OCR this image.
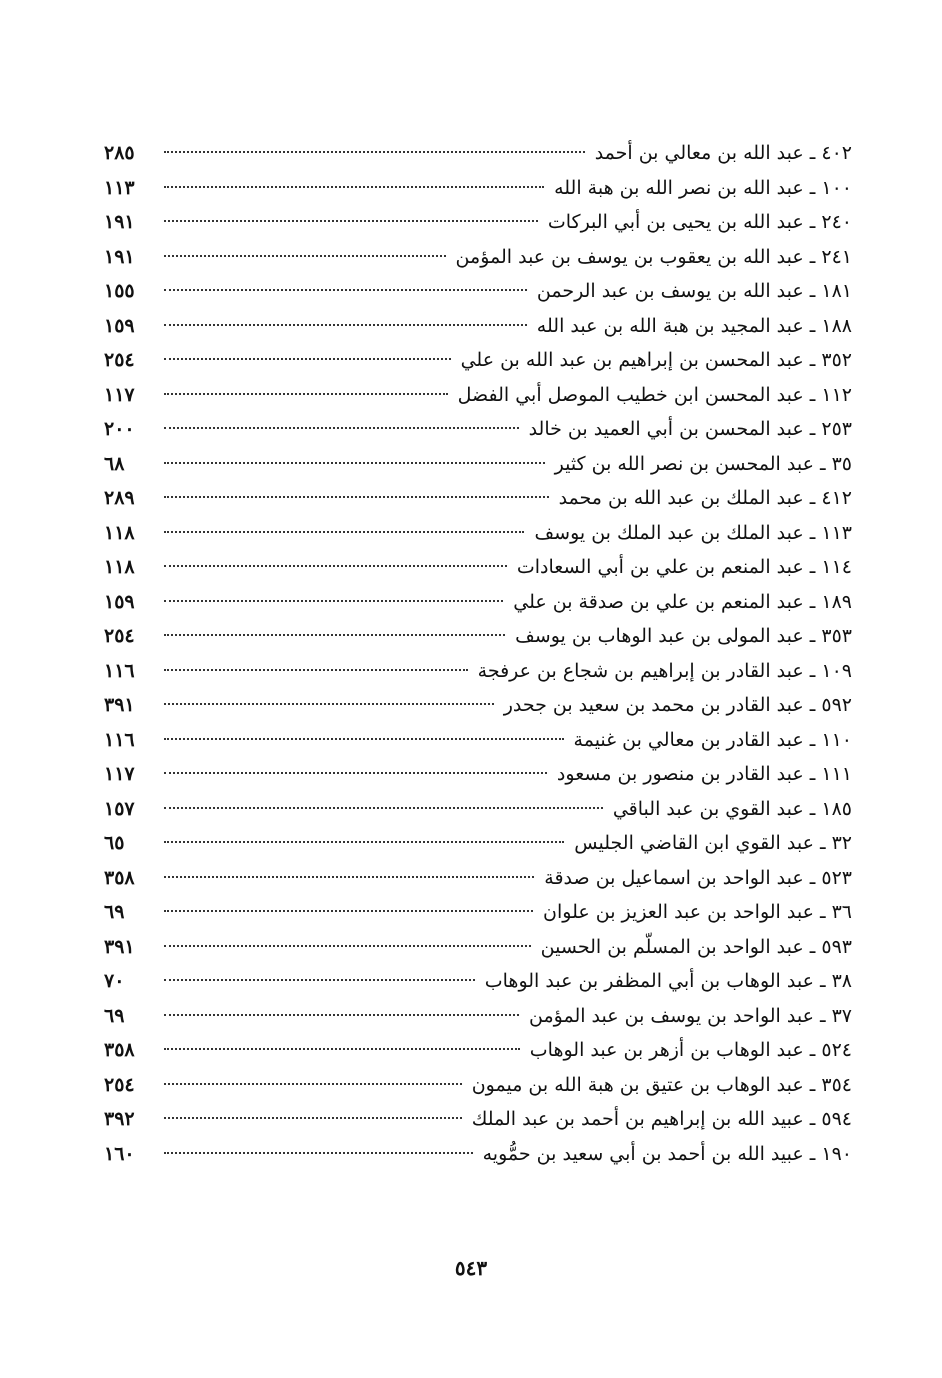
٤٠٢ ـ عبد الله بن معالي بن أحمد
٢٨٥
١٠٠ ـ عبد الله بن نصر الله بن هبة الله
١١٣
٢٤٠ ـ عبد الله بن يحيى بن أبي البركات
١٩١
٢٤١ ـ عبد الله بن يعقوب بن يوسف بن عبد المؤمن
١٩١
١٨١ ـ عبد الله بن يوسف بن عبد الرحمن
١٥٥
١٨٨ ـ عبد المجيد بن هبة الله بن عبد الله
١٥٩
٣٥٢ ـ عبد المحسن بن إبراهيم بن عبد الله بن علي
٢٥٤
١١٢ ـ عبد المحسن ابن خطيب الموصل أبي الفضل
١١٧
٢٥٣ ـ عبد المحسن بن أبي العميد بن خالد
٢٠٠
٣٥ ـ عبد المحسن بن نصر الله بن كثير
٦٨
٤١٢ ـ عبد الملك بن عبد الله بن محمد
٢٨٩
١١٣ ـ عبد الملك بن عبد الملك بن يوسف
١١٨
١١٤ ـ عبد المنعم بن علي بن أبي السعادات
١١٨
١٨٩ ـ عبد المنعم بن علي بن صدقة بن علي
١٥٩
٣٥٣ ـ عبد المولى بن عبد الوهاب بن يوسف
٢٥٤
١٠٩ ـ عبد القادر بن إبراهيم بن شجاع بن عرفجة
١١٦
٥٩٢ ـ عبد القادر بن محمد بن سعيد بن جحدر
٣٩١
١١٠ ـ عبد القادر بن معالي بن غنيمة
١١٦
١١١ ـ عبد القادر بن منصور بن مسعود
١١٧
١٨٥ ـ عبد القوي بن عبد الباقي
١٥٧
٣٢ ـ عبد القوي ابن القاضي الجليس
٦٥
٥٢٣ ـ عبد الواحد بن اسماعيل بن صدقة
٣٥٨
٣٦ ـ عبد الواحد بن عبد العزيز بن علوان
٦٩
٥٩٣ ـ عبد الواحد بن المسلّم بن الحسين
٣٩١
٣٨ ـ عبد الوهاب بن أبي المظفر بن عبد الوهاب
٧٠
٣٧ ـ عبد الواحد بن يوسف بن عبد المؤمن
٦٩
٥٢٤ ـ عبد الوهاب بن أزهر بن عبد الوهاب
٣٥٨
٣٥٤ ـ عبد الوهاب بن عتيق بن هبة الله بن ميمون
٢٥٤
٥٩٤ ـ عبيد الله بن إبراهيم بن أحمد بن عبد الملك
٣٩٢
١٩٠ ـ عبيد الله بن أحمد بن أبي سعيد بن حمُّويه
١٦٠
٥٤٣
